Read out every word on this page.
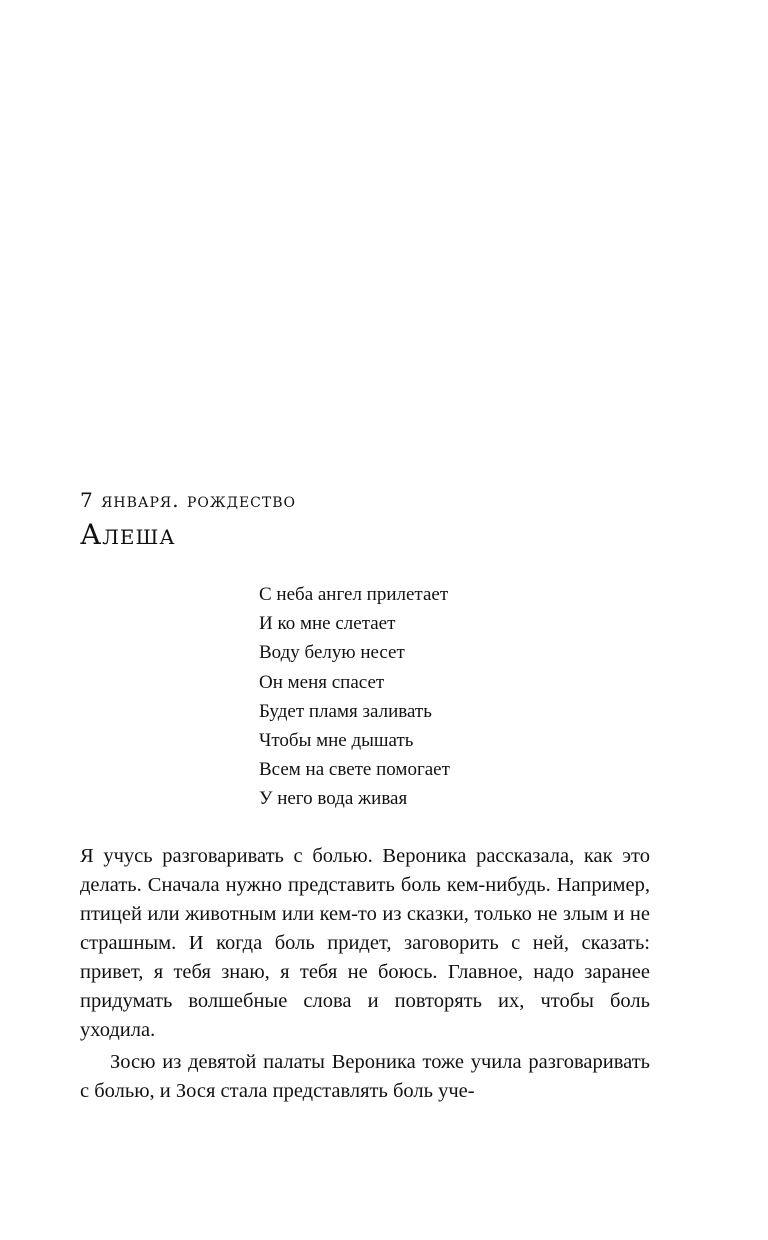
7 января. рождество
Алеша
С неба ангел прилетает
И ко мне слетает
Воду белую несет
Он меня спасет
Будет пламя заливать
Чтобы мне дышать
Всем на свете помогает
У него вода живая

Я учусь разговаривать с болью. Вероника рассказала, как это делать. Сначала нужно представить боль кем-нибудь. Например, птицей или животным или кем-то из сказки, только не злым и не страшным. И когда боль придет, заговорить с ней, сказать: привет, я тебя знаю, я тебя не боюсь. Главное, надо заранее придумать волшебные слова и повторять их, чтобы боль уходила.

Зосю из девятой палаты Вероника тоже учила разговаривать с болью, и Зося стала представлять боль уче-
